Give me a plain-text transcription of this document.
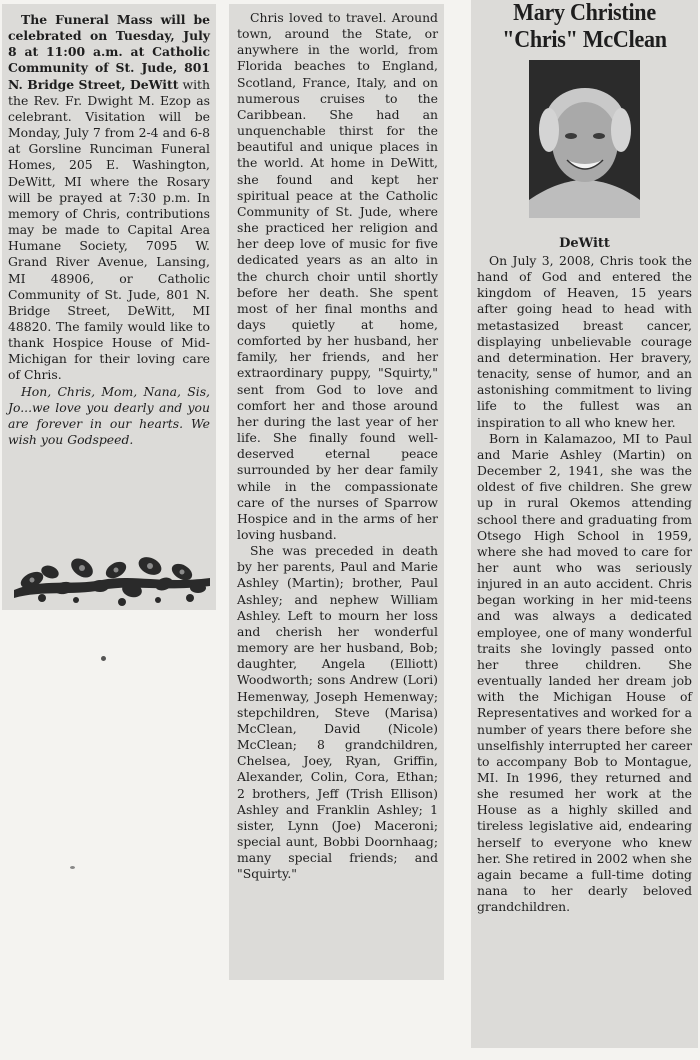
The Funeral Mass will be celebrated on Tuesday, July 8 at 11:00 a.m. at Catholic Community of St. Jude, 801 N. Bridge Street, DeWitt with the Rev. Fr. Dwight M. Ezop as celebrant. Visitation will be Monday, July 7 from 2-4 and 6-8 at Gorsline Runciman Funeral Homes, 205 E. Washington, DeWitt, MI where the Rosary will be prayed at 7:30 p.m. In memory of Chris, contributions may be made to Capital Area Humane Society, 7095 W. Grand River Avenue, Lansing, MI 48906, or Catholic Community of St. Jude, 801 N. Bridge Street, DeWitt, MI 48820. The family would like to thank Hospice House of Mid-Michigan for their loving care of Chris.

Hon, Chris, Mom, Nana, Sis, Jo...we love you dearly and you are forever in our hearts. We wish you Godspeed.

Chris loved to travel. Around town, around the State, or anywhere in the world, from Florida beaches to England, Scotland, France, Italy, and on numerous cruises to the Caribbean. She had an unquenchable thirst for the beautiful and unique places in the world. At home in DeWitt, she found and kept her spiritual peace at the Catholic Community of St. Jude, where she practiced her religion and her deep love of music for five dedicated years as an alto in the church choir until shortly before her death. She spent most of her final months and days quietly at home, comforted by her husband, her family, her friends, and her extraordinary puppy, "Squirty," sent from God to love and comfort her and those around her during the last year of her life. She finally found well-deserved eternal peace surrounded by her dear family while in the compassionate care of the nurses of Sparrow Hospice and in the arms of her loving husband.

She was preceded in death by her parents, Paul and Marie Ashley (Martin); brother, Paul Ashley; and nephew William Ashley. Left to mourn her loss and cherish her wonderful memory are her husband, Bob; daughter, Angela (Elliott) Woodworth; sons Andrew (Lori) Hemenway, Joseph Hemenway; stepchildren, Steve (Marisa) McClean, David (Nicole) McClean; 8 grandchildren, Chelsea, Joey, Ryan, Griffin, Alexander, Colin, Cora, Ethan; 2 brothers, Jeff (Trish Ellison) Ashley and Franklin Ashley; 1 sister, Lynn (Joe) Maceroni; special aunt, Bobbi Doornhaag; many special friends; and "Squirty."

Mary Christine

"Chris" McClean

DeWitt

On July 3, 2008, Chris took the hand of God and entered the kingdom of Heaven, 15 years after going head to head with metastasized breast cancer, displaying unbelievable courage and determination. Her bravery, tenacity, sense of humor, and an astonishing commitment to living life to the fullest was an inspiration to all who knew her.

Born in Kalamazoo, MI to Paul and Marie Ashley (Martin) on December 2, 1941, she was the oldest of five children. She grew up in rural Okemos attending school there and graduating from Otsego High School in 1959, where she had moved to care for her aunt who was seriously injured in an auto accident. Chris began working in her mid-teens and was always a dedicated employee, one of many wonderful traits she lovingly passed onto her three children. She eventually landed her dream job with the Michigan House of Representatives and worked for a number of years there before she unselfishly interrupted her career to accompany Bob to Montague, MI. In 1996, they returned and she resumed her work at the House as a highly skilled and tireless legislative aid, endearing herself to everyone who knew her. She retired in 2002 when she again became a full-time doting nana to her dearly beloved grandchildren.
